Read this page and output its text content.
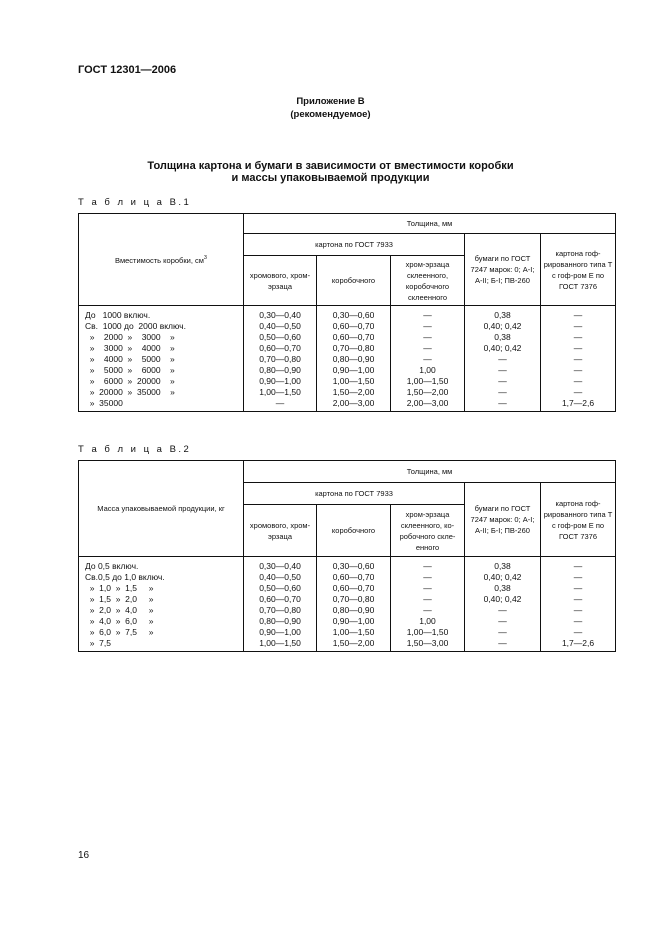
ГОСТ 12301—2006
Приложение В
(рекомендуемое)
Толщина картона и бумаги в зависимости от вместимости коробки
и массы упаковываемой продукции
Т а б л и ц а В.1
Вместимость коробки, $см^3$	Толщина, мм				
	картона по ГОСТ 7933			бумаги по ГОСТ 7247 марок: 0; А-I; А-II; Б-I; ПВ-260	картона гоф-рированного типа Т с гоф-ром Е по ГОСТ 7376
	хромового, хром-эрзаца	коробочного	хром-эрзаца склеенного, коробочного склеенного		
До   1000 включ.	0,30—0,40	0,30—0,60	—	0,38	—
Св.  1000 до  2000 включ.	0,40—0,50	0,60—0,70	—	0,40; 0,42	—
»    2000  »    3000    »	0,50—0,60	0,60—0,70	—	0,38	—
»    3000  »    4000    »	0,60—0,70	0,70—0,80	—	0,40; 0,42	—
»    4000  »    5000    »	0,70—0,80	0,80—0,90	—	—	—
»    5000  »    6000    »	0,80—0,90	0,90—1,00	1,00	—	—
»    6000  »  20000    »	0,90—1,00	1,00—1,50	1,00—1,50	—	—
»  20000  »  35000    »	1,00—1,50	1,50—2,00	1,50—2,00	—	—
»  35000	—	2,00—3,00	2,00—3,00	—	1,7—2,6
Т а б л и ц а В.2
Масса упаковываемой продукции, кг	Толщина, мм				
	картона по ГОСТ 7933			бумаги по ГОСТ 7247 марок: 0; А-I; А-II; Б-I; ПВ-260	картона гоф-рированного типа Т с гоф-ром Е по ГОСТ 7376
	хромового, хром-эрзаца	коробочного	хром-эрзаца склеенного, ко-робочного скле-енного		
До 0,5 включ.	0,30—0,40	0,30—0,60	—	0,38	—
Св.0,5 до 1,0 включ.	0,40—0,50	0,60—0,70	—	0,40; 0,42	—
»  1,0  »  1,5     »	0,50—0,60	0,60—0,70	—	0,38	—
»  1,5  »  2,0     »	0,60—0,70	0,70—0,80	—	0,40; 0,42	—
»  2,0  »  4,0     »	0,70—0,80	0,80—0,90	—	—	—
»  4,0  »  6,0     »	0,80—0,90	0,90—1,00	1,00	—	—
»  6,0  »  7,5     »	0,90—1,00	1,00—1,50	1,00—1,50	—	—
»  7,5	1,00—1,50	1,50—2,00	1,50—3,00	—	1,7—2,6
16
